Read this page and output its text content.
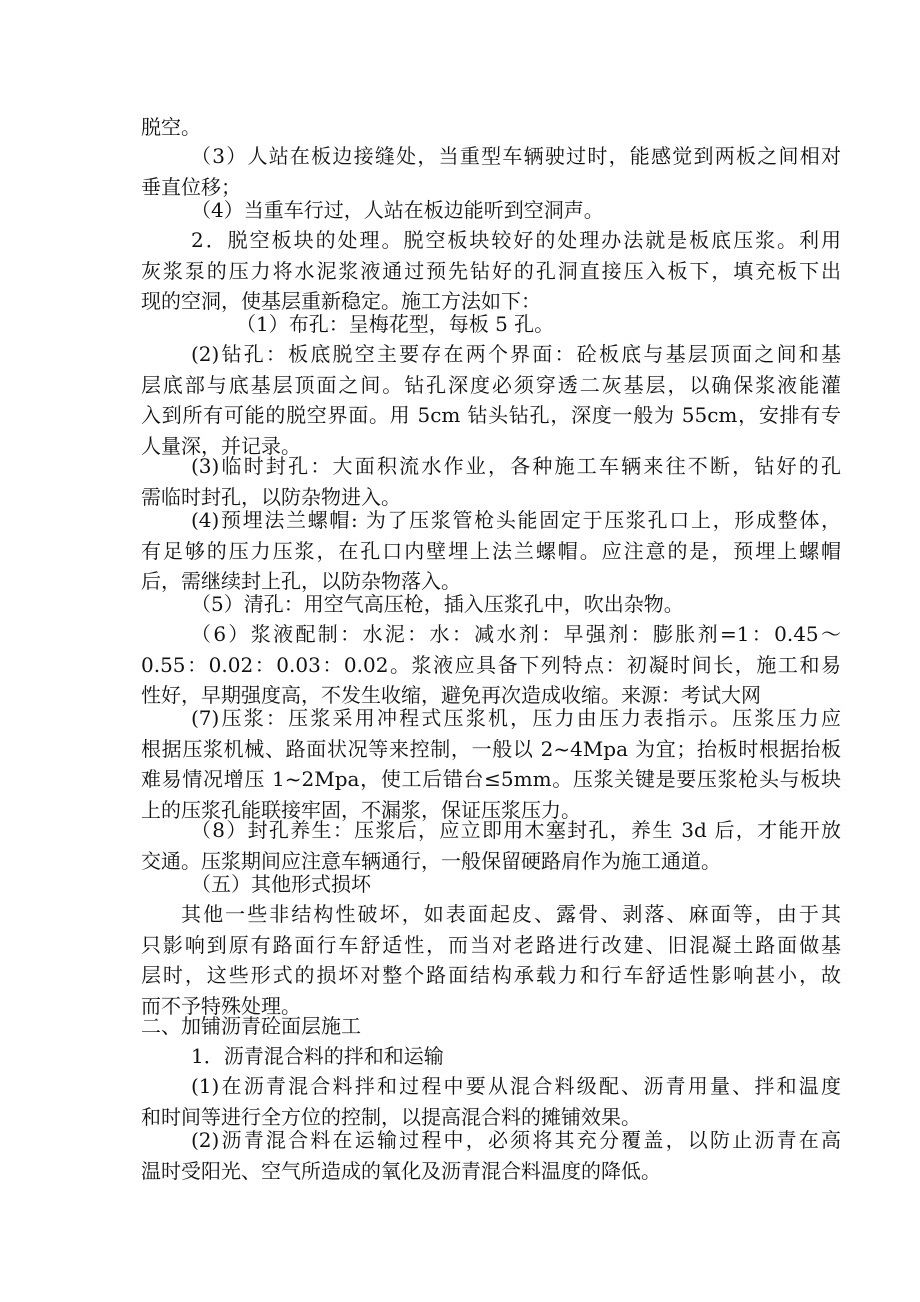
脱空。
（3）人站在板边接缝处，当重型车辆驶过时，能感觉到两板之间相对
垂直位移；
（4）当重车行过，人站在板边能听到空洞声。
2．脱空板块的处理。脱空板块较好的处理办法就是板底压浆。利用
灰浆泵的压力将水泥浆液通过预先钻好的孔洞直接压入板下，填充板下出
现的空洞，使基层重新稳定。施工方法如下：
（1）布孔：呈梅花型，每板 5 孔。
(2)钻孔：板底脱空主要存在两个界面：砼板底与基层顶面之间和基
层底部与底基层顶面之间。钻孔深度必须穿透二灰基层，以确保浆液能灌
入到所有可能的脱空界面。用 5cm 钻头钻孔，深度一般为 55cm，安排有专
人量深，并记录。
(3)临时封孔：大面积流水作业，各种施工车辆来往不断，钻好的孔
需临时封孔，以防杂物进入。
(4)预埋法兰螺帽: 为了压浆管枪头能固定于压浆孔口上，形成整体，
有足够的压力压浆，在孔口内壁埋上法兰螺帽。应注意的是，预埋上螺帽
后，需继续封上孔，以防杂物落入。
（5）清孔：用空气高压枪，插入压浆孔中，吹出杂物。
（6）浆液配制：水泥：水：减水剂：早强剂：膨胀剂=1：0.45～
0.55：0.02：0.03：0.02。浆液应具备下列特点：初凝时间长，施工和易
性好，早期强度高，不发生收缩，避免再次造成收缩。来源：考试大网
(7)压浆：压浆采用冲程式压浆机，压力由压力表指示。压浆压力应
根据压浆机械、路面状况等来控制，一般以 2~4Mpa 为宜；抬板时根据抬板
难易情况增压 1~2Mpa，使工后错台≤5mm。压浆关键是要压浆枪头与板块
上的压浆孔能联接牢固，不漏浆，保证压浆压力。
（8）封孔养生：压浆后，应立即用木塞封孔，养生 3d 后，才能开放
交通。压浆期间应注意车辆通行，一般保留硬路肩作为施工通道。
（五）其他形式损坏
其他一些非结构性破坏，如表面起皮、露骨、剥落、麻面等，由于其
只影响到原有路面行车舒适性，而当对老路进行改建、旧混凝土路面做基
层时，这些形式的损坏对整个路面结构承载力和行车舒适性影响甚小，故
而不予特殊处理。
二、加铺沥青砼面层施工
1．沥青混合料的拌和和运输
(1)在沥青混合料拌和过程中要从混合料级配、沥青用量、拌和温度
和时间等进行全方位的控制，以提高混合料的摊铺效果。
(2)沥青混合料在运输过程中，必须将其充分覆盖，以防止沥青在高
温时受阳光、空气所造成的氧化及沥青混合料温度的降低。
